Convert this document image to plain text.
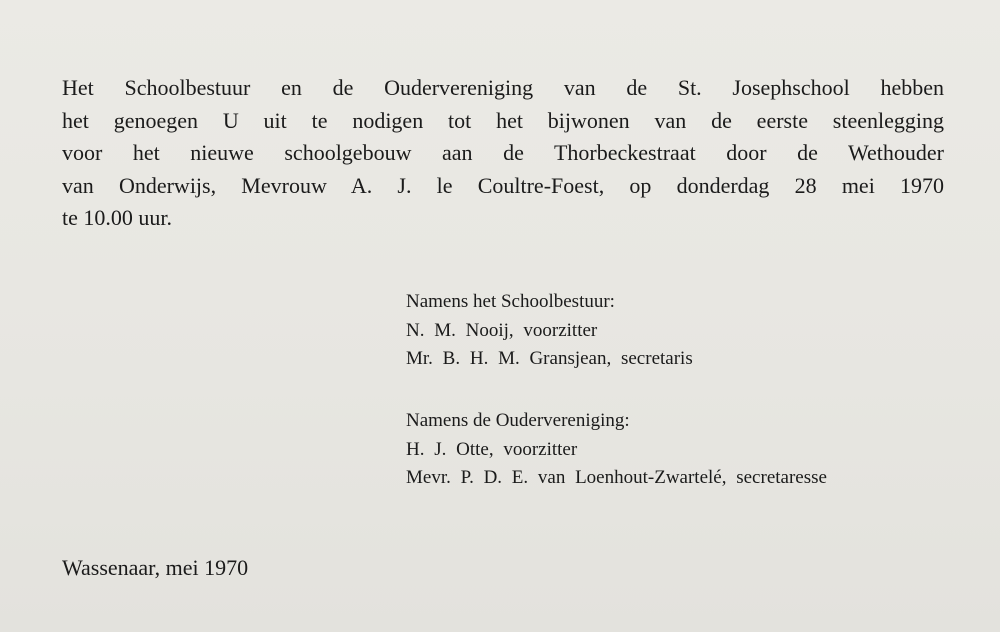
Het Schoolbestuur en de Oudervereniging van de St. Josephschool hebben
het genoegen U uit te nodigen tot het bijwonen van de eerste steenlegging
voor het nieuwe schoolgebouw aan de Thorbeckestraat door de Wethouder
van Onderwijs, Mevrouw A. J. le Coultre-Foest, op donderdag 28 mei 1970
te 10.00 uur.
Namens het Schoolbestuur:
N. M. Nooij, voorzitter
Mr. B. H. M. Gransjean, secretaris
Namens de Oudervereniging:
H. J. Otte, voorzitter
Mevr. P. D. E. van Loenhout-Zwartelé, secretaresse
Wassenaar, mei 1970
